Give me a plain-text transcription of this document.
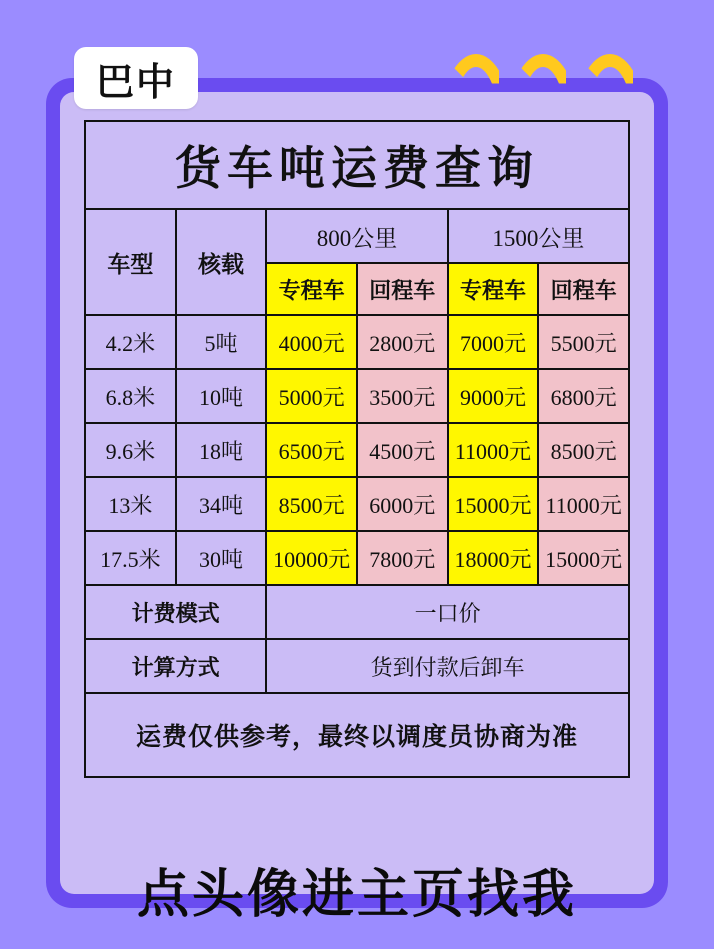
巴中
货车吨运费查询					
车型	核载	800公里		1500公里	
		专程车	回程车	专程车	回程车
4.2米	5吨	4000元	2800元	7000元	5500元
6.8米	10吨	5000元	3500元	9000元	6800元
9.6米	18吨	6500元	4500元	11000元	8500元
13米	34吨	8500元	6000元	15000元	11000元
17.5米	30吨	10000元	7800元	18000元	15000元
计费模式		一口价			
计算方式		货到付款后卸车			
运费仅供参考，最终以调度员协商为准					
点头像进主页找我
